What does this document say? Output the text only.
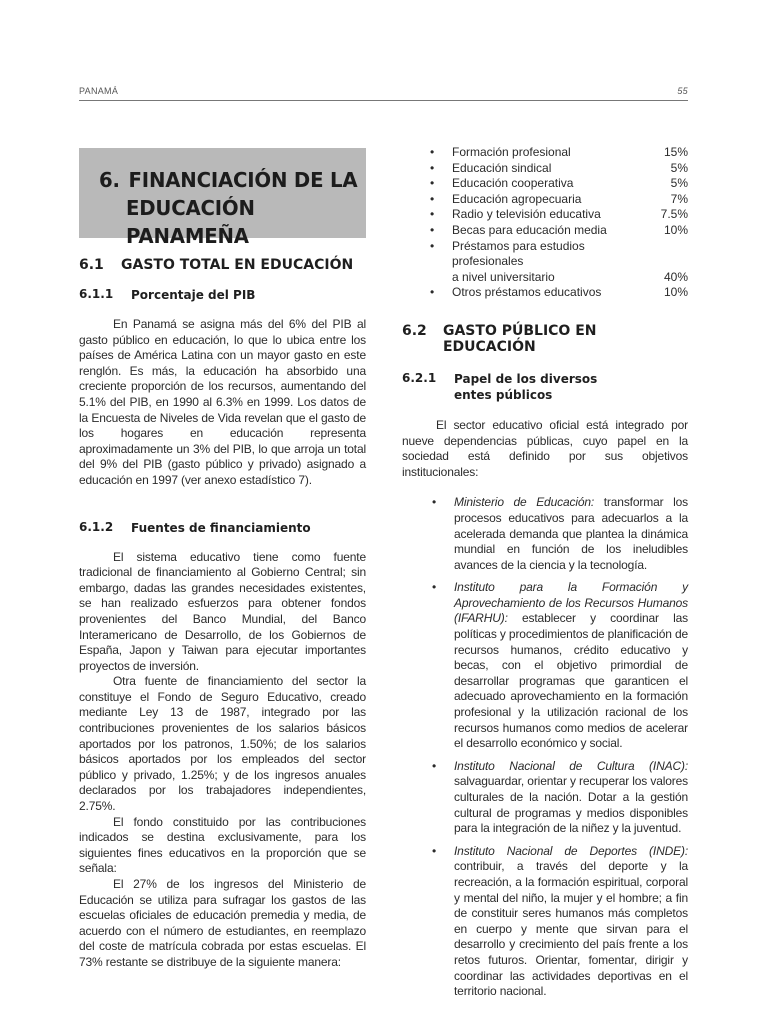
PANAMÁ	55
6. FINANCIACIÓN DE LA
EDUCACIÓN PANAMEÑA
6.1	GASTO TOTAL EN EDUCACIÓN
6.1.1	Porcentaje del PIB

En Panamá se asigna más del 6% del PIB al gasto público en educación, lo que lo ubica entre los países de América Latina con un mayor gasto en este renglón. Es más, la educación ha absorbido una creciente proporción de los recursos, aumentando del 5.1% del PIB, en 1990 al 6.3% en 1999. Los datos de la Encuesta de Niveles de Vida revelan que el gasto de los hogares en educación representa aproximadamente un 3% del PIB, lo que arroja un total del 9% del PIB (gasto público y privado) asignado a educación en 1997 (ver anexo estadístico 7).

6.1.2	Fuentes de financiamiento

El sistema educativo tiene como fuente tradicional de financiamiento al Gobierno Central; sin embargo, dadas las grandes necesidades existentes, se han realizado esfuerzos para obtener fondos provenientes del Banco Mundial, del Banco Interamericano de Desarrollo, de los Gobiernos de España, Japon y Taiwan para ejecutar importantes proyectos de inversión.

Otra fuente de financiamiento del sector la constituye el Fondo de Seguro Educativo, creado mediante Ley 13 de 1987, integrado por las contribuciones provenientes de los salarios básicos aportados por los patronos, 1.50%; de los salarios básicos aportados por los empleados del sector público y privado, 1.25%; y de los ingresos anuales declarados por los trabajadores independientes, 2.75%.

El fondo constituido por las contribuciones indicados se destina exclusivamente, para los siguientes fines educativos en la proporción que se señala:

El 27% de los ingresos del Ministerio de Educación se utiliza para sufragar los gastos de las escuelas oficiales de educación premedia y media, de acuerdo con el número de estudiantes, en reemplazo del coste de matrícula cobrada por estas escuelas. El 73% restante se distribuye de la siguiente manera:

• Formación profesional	15%
• Educación sindical	5%
• Educación cooperativa	5%
• Educación agropecuaria	7%
• Radio y televisión educativa	7.5%
• Becas para educación media	10%
• Préstamos para estudios profesionales
a nivel universitario	40%
• Otros préstamos educativos	10%
6.2	GASTO PÚBLICO EN EDUCACIÓN
6.2.1	Papel de los diversos
entes públicos

El sector educativo oficial está integrado por nueve dependencias públicas, cuyo papel en la sociedad está definido por sus objetivos institucionales:

• Ministerio de Educación: transformar los procesos educativos para adecuarlos a la acelerada demanda que plantea la dinámica mundial en función de los ineludibles avances de la ciencia y la tecnología.
• Instituto para la Formación y Aprovechamiento de los Recursos Humanos (IFARHU): establecer y coordinar las políticas y procedimientos de planificación de recursos humanos, crédito educativo y becas, con el objetivo primordial de desarrollar programas que garanticen el adecuado aprovechamiento en la formación profesional y la utilización racional de los recursos humanos como medios de acelerar el desarrollo económico y social.
• Instituto Nacional de Cultura (INAC): salvaguardar, orientar y recuperar los valores culturales de la nación. Dotar a la gestión cultural de programas y medios disponibles para la integración de la niñez y la juventud.
• Instituto Nacional de Deportes (INDE): contribuir, a través del deporte y la recreación, a la formación espiritual, corporal y mental del niño, la mujer y el hombre; a fin de constituir seres humanos más completos en cuerpo y mente que sirvan para el desarrollo y crecimiento del país frente a los retos futuros. Orientar, fomentar, dirigir y coordinar las actividades deportivas en el territorio nacional.
